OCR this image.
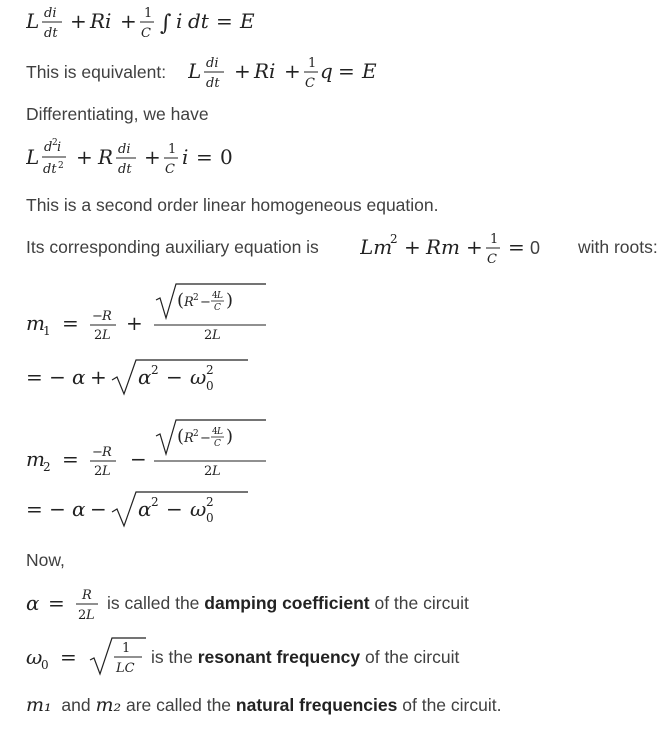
L di
dt
+ Ri + 1
C ∫ i dt = E
This is equivalent: L di
dt
+ Ri + 1
C
q = E
Differentiating, we have
L d 2 i
dt 2 + R di
dt
+ 1
C
i = 0
This is a second order linear homogeneous equation.
Its corresponding auxiliary equation is Lm
2 + Rm + 1
C
= 0 with roots:
m
1 = − R
2 L
+
( R 2 − 4 L
C )
2 L
= − α + α 2 − ω 2
0
m
2 = − R
2 L
−
( R 2 − 4 L
C )
2 L
= − α − α 2 − ω 2
0
Now,
α = R
2 L
is called the damping coefficient of the circuit
ω
0 =	1
LC
is the resonant frequency of the circuit
m₁ and m₂ are called the natural frequencies of the circuit.
